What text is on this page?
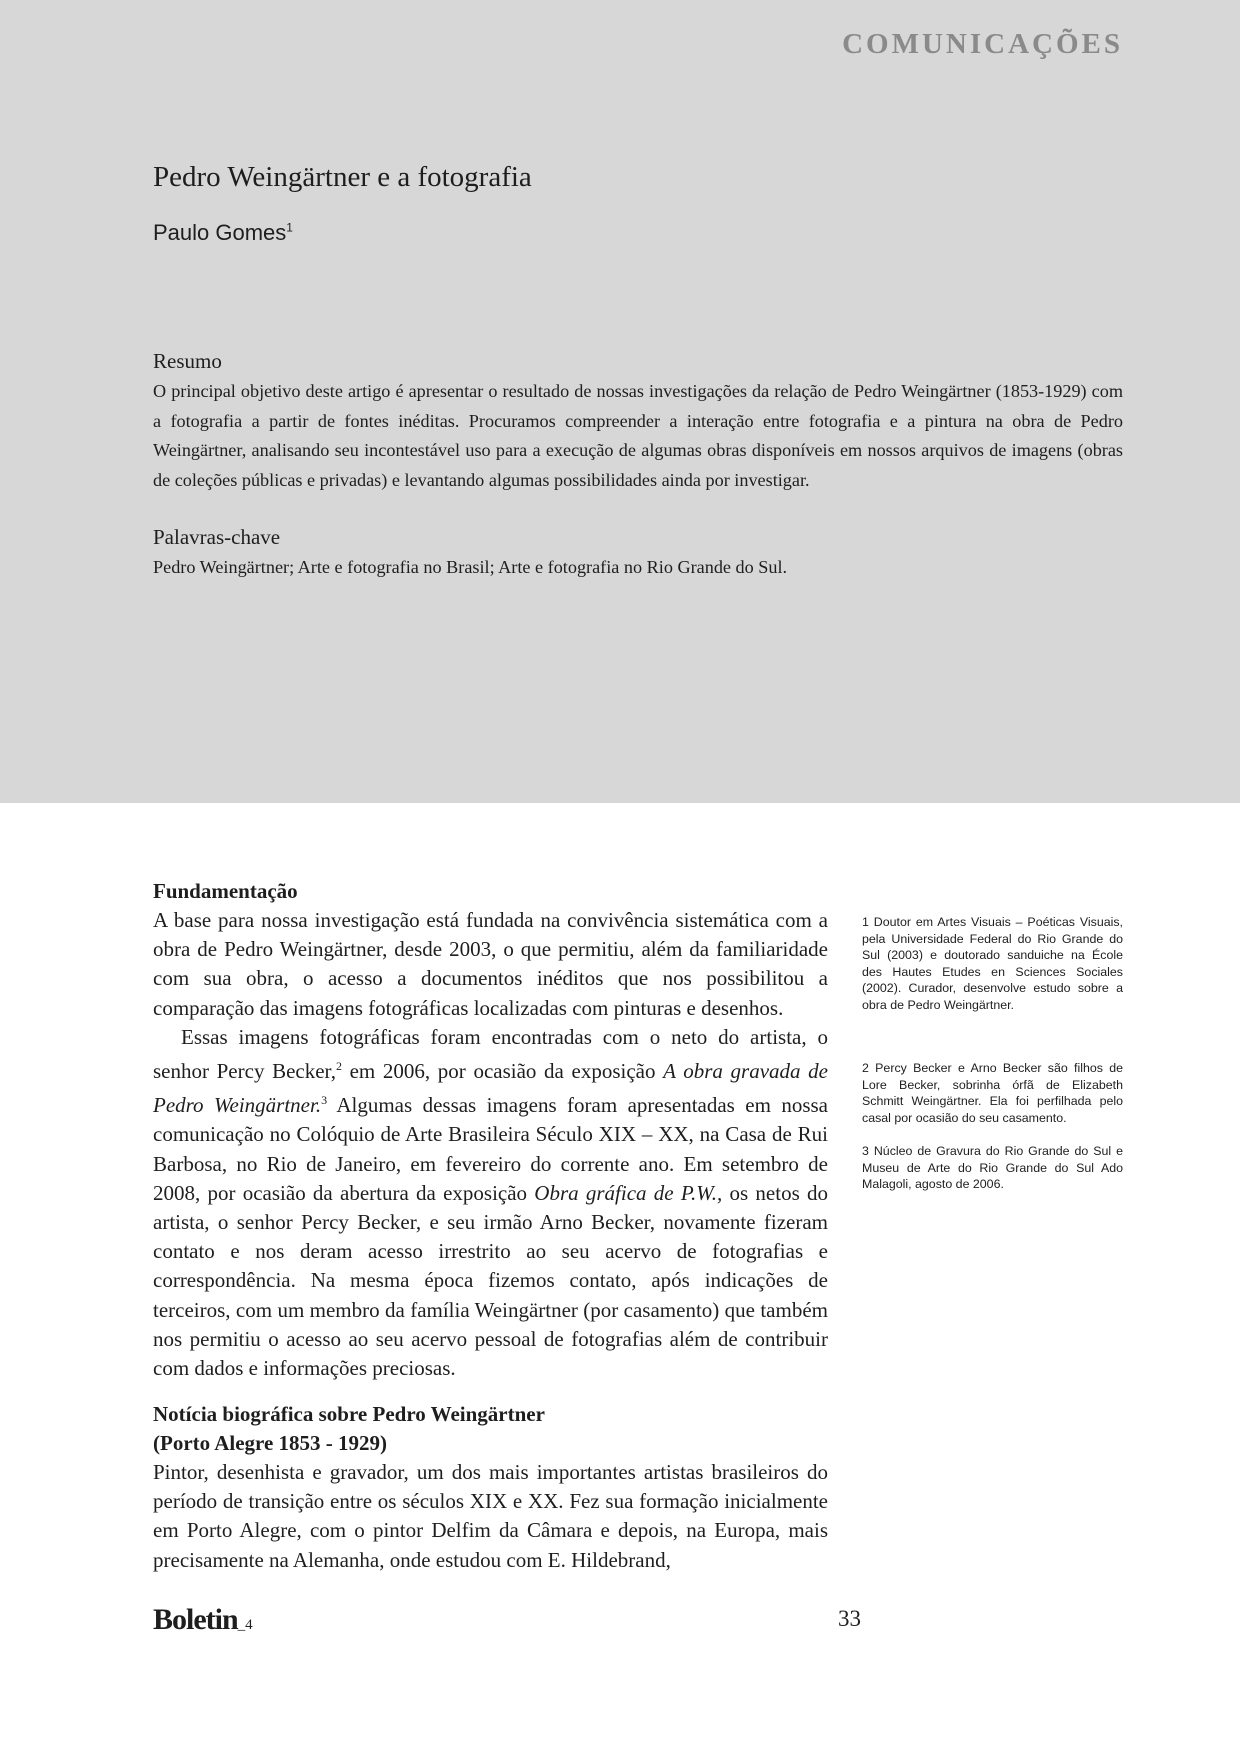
COMUNICAÇÕES
Pedro Weingärtner e a fotografia
Paulo Gomes$^1$
Resumo

O principal objetivo deste artigo é apresentar o resultado de nossas investigações da relação de Pedro Weingärtner (1853-1929) com a fotografia a partir de fontes inéditas. Procuramos compreender a interação entre fotografia e a pintura na obra de Pedro Weingärtner, analisando seu incontestável uso para a execução de algumas obras disponíveis em nossos arquivos de imagens (obras de coleções públicas e privadas) e levantando algumas possibilidades ainda por investigar.

Palavras-chave

Pedro Weingärtner; Arte e fotografia no Brasil; Arte e fotografia no Rio Grande do Sul.

Fundamentação

A base para nossa investigação está fundada na convivência sistemática com a obra de Pedro Weingärtner, desde 2003, o que permitiu, além da familiaridade com sua obra, o acesso a documentos inéditos que nos possibilitou a comparação das imagens fotográficas localizadas com pinturas e desenhos.

Essas imagens fotográficas foram encontradas com o neto do artista, o senhor Percy Becker,$^2$ em 2006, por ocasião da exposição A obra gravada de Pedro Weingärtner.$^3$ Algumas dessas imagens foram apresentadas em nossa comunicação no Colóquio de Arte Brasileira Século XIX – XX, na Casa de Rui Barbosa, no Rio de Janeiro, em fevereiro do corrente ano. Em setembro de 2008, por ocasião da abertura da exposição Obra gráfica de P.W., os netos do artista, o senhor Percy Becker, e seu irmão Arno Becker, novamente fizeram contato e nos deram acesso irrestrito ao seu acervo de fotografias e correspondência. Na mesma época fizemos contato, após indicações de terceiros, com um membro da família Weingärtner (por casamento) que também nos permitiu o acesso ao seu acervo pessoal de fotografias além de contribuir com dados e informações preciosas.

Notícia biográfica sobre Pedro Weingärtner
(Porto Alegre 1853 - 1929)

Pintor, desenhista e gravador, um dos mais importantes artistas brasileiros do período de transição entre os séculos XIX e XX. Fez sua formação inicialmente em Porto Alegre, com o pintor Delfim da Câmara e depois, na Europa, mais precisamente na Alemanha, onde estudou com E. Hildebrand,

1 Doutor em Artes Visuais – Poéticas Visuais, pela Universidade Federal do Rio Grande do Sul (2003) e doutorado sanduiche na École des Hautes Etudes en Sciences Sociales (2002). Curador, desenvolve estudo sobre a obra de Pedro Weingärtner.

2 Percy Becker e Arno Becker são filhos de Lore Becker, sobrinha órfã de Elizabeth Schmitt Weingärtner. Ela foi perfilhada pelo casal por ocasião do seu casamento.

3 Núcleo de Gravura do Rio Grande do Sul e Museu de Arte do Rio Grande do Sul Ado Malagoli, agosto de 2006.

Boletin_4	33
